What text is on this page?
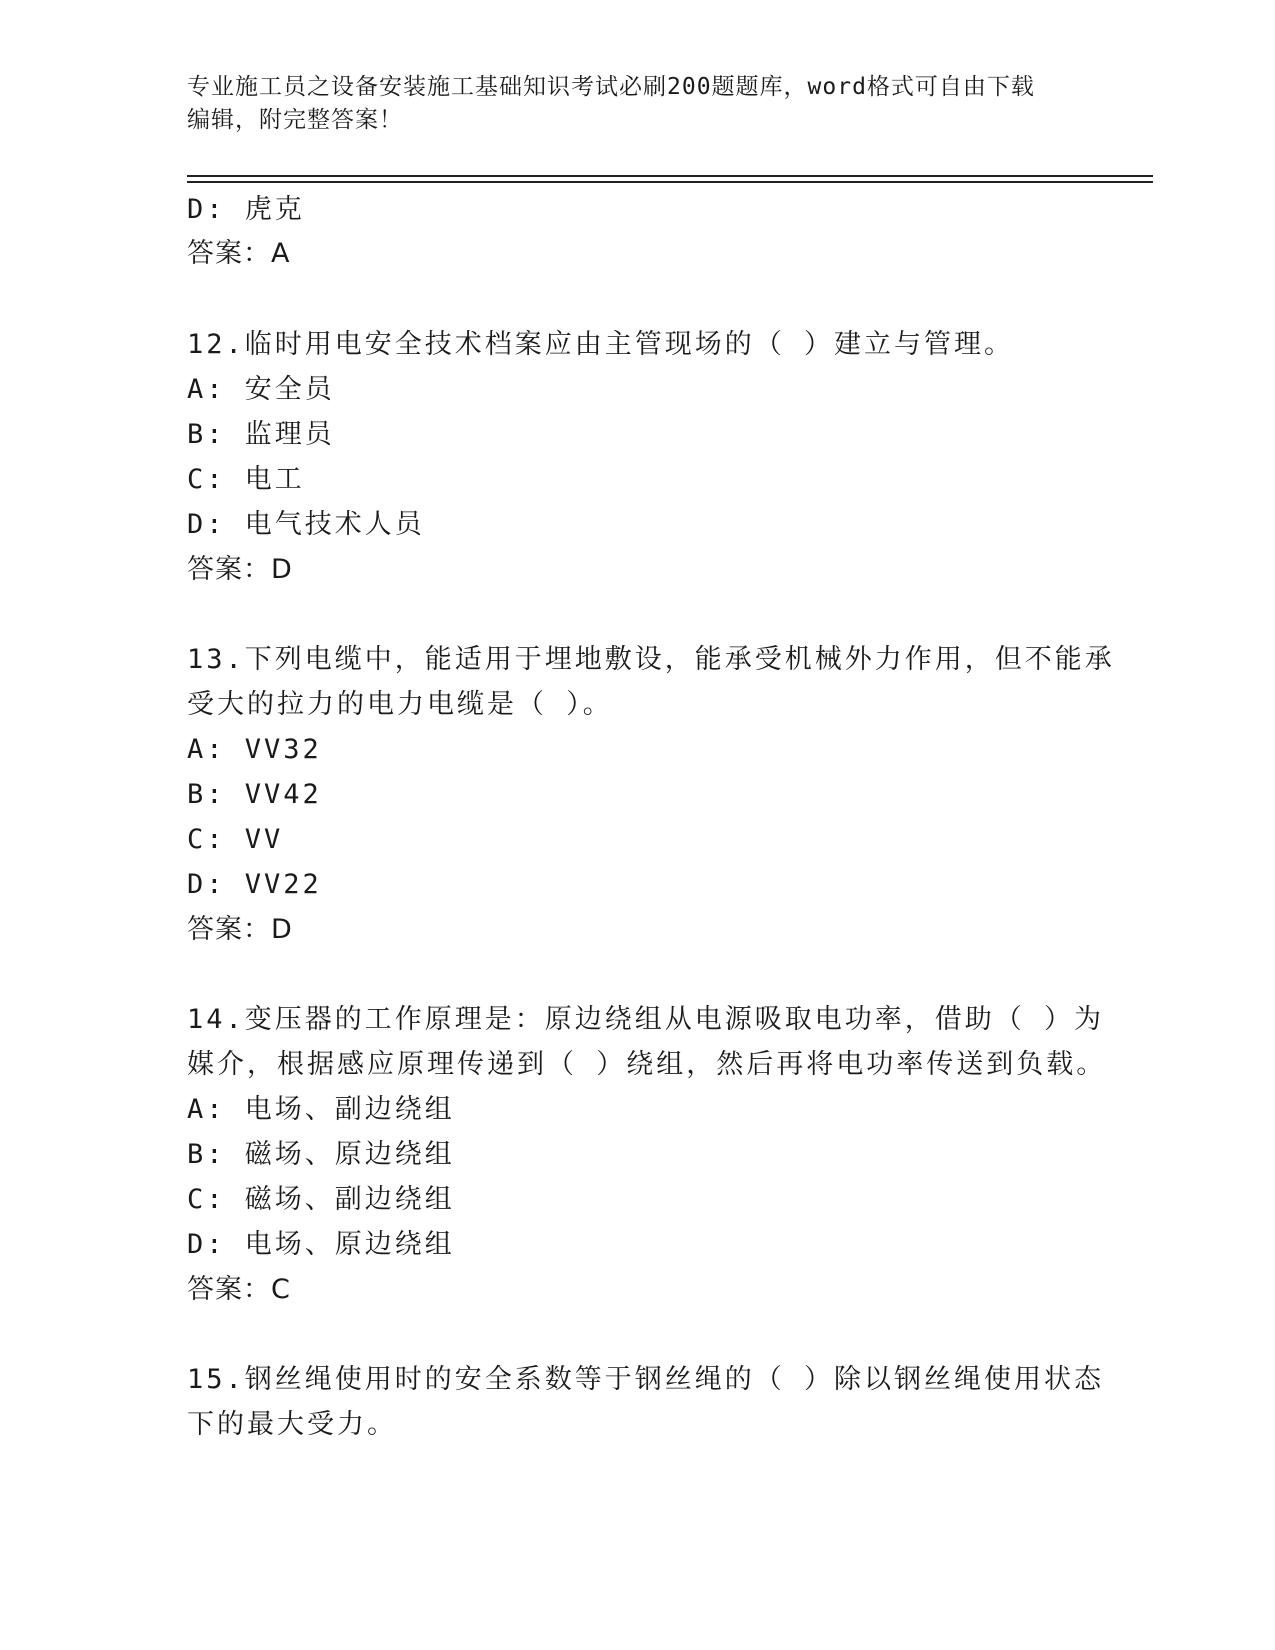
专业施工员之设备安装施工基础知识考试必刷200题题库，word格式可自由下载
编辑，附完整答案！
D: 虎克
答案：A
12.临时用电安全技术档案应由主管现场的（ ）建立与管理。
A: 安全员
B: 监理员
C: 电工
D: 电气技术人员
答案：D
13.下列电缆中，能适用于埋地敷设，能承受机械外力作用，但不能承
受大的拉力的电力电缆是（ ）。
A: VV32
B: VV42
C: VV
D: VV22
答案：D
14.变压器的工作原理是：原边绕组从电源吸取电功率，借助（ ）为
媒介，根据感应原理传递到（ ）绕组，然后再将电功率传送到负载。
A: 电场、副边绕组
B: 磁场、原边绕组
C: 磁场、副边绕组
D: 电场、原边绕组
答案：C
15.钢丝绳使用时的安全系数等于钢丝绳的（ ）除以钢丝绳使用状态
下的最大受力。
